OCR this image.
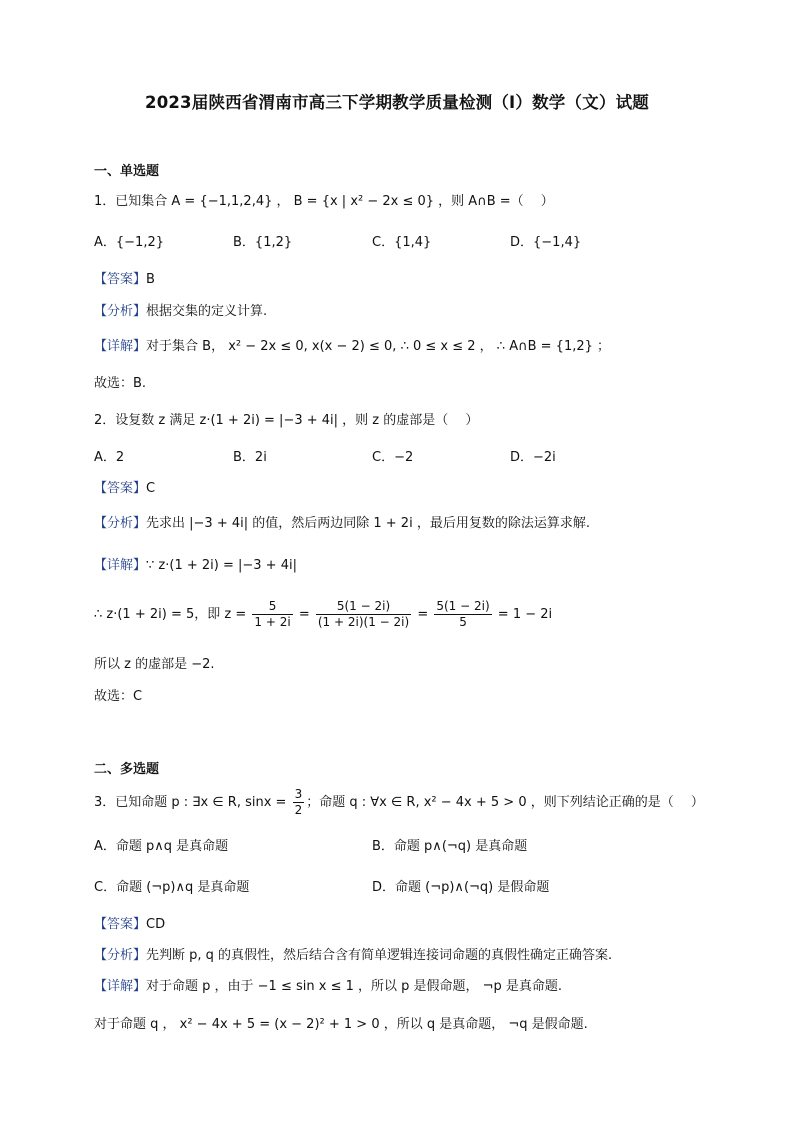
2023届陕西省渭南市高三下学期教学质量检测（Ⅰ）数学（文）试题
一、单选题
1．已知集合 A = {−1,1,2,4} ， B = {x | x² − 2x ≤ 0} ，则 A∩B =（　 ）
A．{−1,2}	B．{1,2}	C．{1,4}	D．{−1,4}
【答案】B
【分析】根据交集的定义计算.
【详解】对于集合 B， x² − 2x ≤ 0, x(x − 2) ≤ 0, ∴ 0 ≤ x ≤ 2 ， ∴ A∩B = {1,2} ；
故选：B.
2．设复数 z 满足 z·(1 + 2i) = |−3 + 4i| ，则 z 的虚部是（　 ）
A．2	B．2i	C．−2	D．−2i
【答案】C
【分析】先求出 |−3 + 4i| 的值，然后两边同除 1 + 2i ，最后用复数的除法运算求解.
【详解】∵ z·(1 + 2i) = |−3 + 4i|
∴ z·(1 + 2i) = 5，即 $z = \frac{5}{1 + 2i} = \frac{5(1 - 2i)}{(1 + 2i)(1 - 2i)} = \frac{5(1 - 2i)}{5} = 1 - 2i$
所以 z 的虚部是 −2.
故选：C
二、多选题
3．已知命题 p : ∃x ∈ R, $\sin x = \frac{3}{2}$ ；命题 q : ∀x ∈ R, x² − 4x + 5 > 0 ，则下列结论正确的是（　 ）
A．命题 p∧q 是真命题	B．命题 p∧(¬q) 是真命题
C．命题 (¬p)∧q 是真命题	D．命题 (¬p)∧(¬q) 是假命题
【答案】CD
【分析】先判断 p, q 的真假性，然后结合含有简单逻辑连接词命题的真假性确定正确答案.
【详解】对于命题 p ，由于 −1 ≤ sin x ≤ 1 ，所以 p 是假命题， ¬p 是真命题.
对于命题 q ， x² − 4x + 5 = (x − 2)² + 1 > 0 ，所以 q 是真命题， ¬q 是假命题.
